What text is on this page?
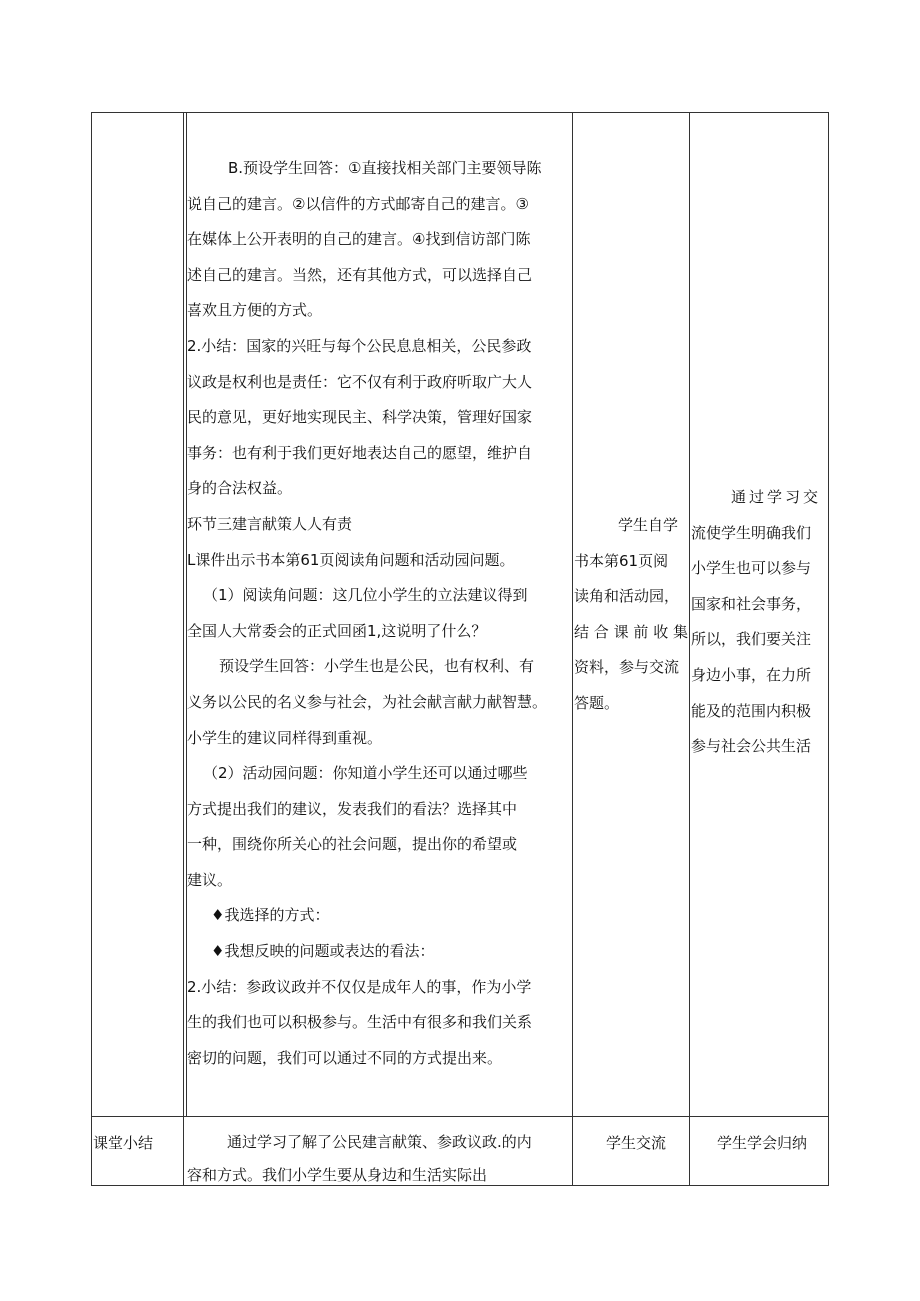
B.预设学生回答：①直接找相关部门主要领导陈

说自己的建言。②以信件的方式邮寄自己的建言。③

在媒体上公开表明的自己的建言。④找到信访部门陈

述自己的建言。当然，还有其他方式，可以选择自己

喜欢且方便的方式。

2.小结：国家的兴旺与每个公民息息相关，公民参政

议政是权利也是责任：它不仅有利于政府听取广大人

民的意见，更好地实现民主、科学决策，管理好国家

事务：也有利于我们更好地表达自己的愿望，维护自

身的合法权益。

环节三建言献策人人有责

L课件出示书本第61页阅读角问题和活动园问题。

（1）阅读角问题：这几位小学生的立法建议得到

全国人大常委会的正式回函1,这说明了什么？

预设学生回答：小学生也是公民，也有权利、有

义务以公民的名义参与社会，为社会献言献力献智慧。

小学生的建议同样得到重视。

（2）活动园问题：你知道小学生还可以通过哪些

方式提出我们的建议，发表我们的看法？选择其中

一种，围绕你所关心的社会问题，提出你的希望或

建议。

♦我选择的方式：

♦我想反映的问题或表达的看法：

2.小结：参政议政并不仅仅是成年人的事，作为小学

生的我们也可以积极参与。生活中有很多和我们关系

密切的问题，我们可以通过不同的方式提出来。

学生自学

书本第61页阅

读角和活动园，

结合课前收集

资料，参与交流

答题。

通过学习交

流使学生明确我们

小学生也可以参与

国家和社会事务，

所以，我们要关注

身边小事，在力所

能及的范围内积极

参与社会公共生活

课堂小结	通过学习了解了公民建言献策、参政议政.的内

容和方式。我们小学生要从身边和生活实际出

学生交流	学生学会归纳
